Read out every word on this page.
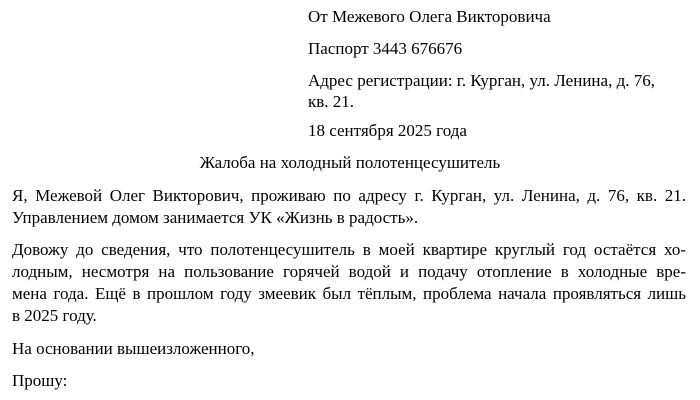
От Межевого Олега Викторовича

Паспорт 3443 676676

Адрес регистрации: г. Курган, ул. Ленина, д. 76,

кв. 21.

18 сентября 2025 года

Жалоба на холодный полотенцесушитель

Я, Межевой Олег Викторович, проживаю по адресу г. Курган, ул. Ленина, д. 76, кв. 21.

Управлением домом занимается УК «Жизнь в радость».

Довожу до сведения, что полотенцесушитель в моей квартире круглый год остаётся хо-

лодным, несмотря на пользование горячей водой и подачу отопление в холодные вре-

мена года. Ещё в прошлом году змеевик был тёплым, проблема начала проявляться лишь

в 2025 году.

На основании вышеизложенного,

Прошу:
